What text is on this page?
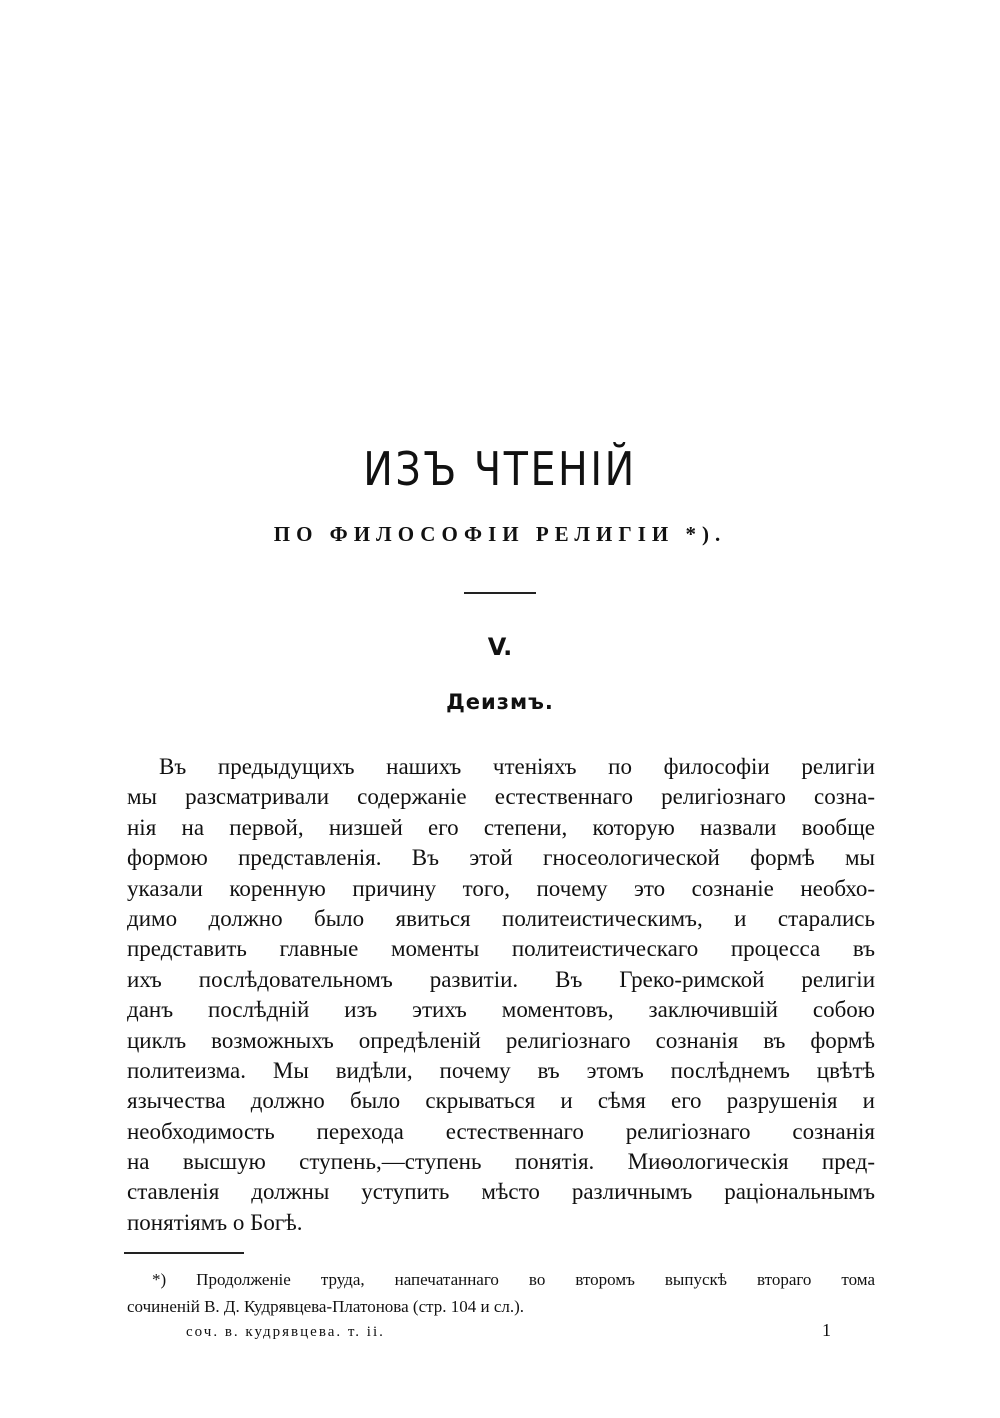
ИЗЪ ЧТЕНІЙ
ПО ФИЛОСОФІИ РЕЛИГІИ *).
V.
Деизмъ.
Въ предыдущихъ нашихъ чтеніяхъ по философіи религіи
мы разсматривали содержаніе естественнаго религіознаго созна-
нія на первой, низшей его степени, которую назвали вообще
формою представленія. Въ этой гносеологической формѣ мы
указали коренную причину того, почему это сознаніе необхо-
димо должно было явиться политеистическимъ, и старались
представить главные моменты политеистическаго процесса въ
ихъ послѣдовательномъ развитіи. Въ Греко-римской религіи
данъ послѣдній изъ этихъ моментовъ, заключившій собою
циклъ возможныхъ опредѣленій религіознаго сознанія въ формѣ
политеизма. Мы видѣли, почему въ этомъ послѣднемъ цвѣтѣ
язычества должно было скрываться и сѣмя его разрушенія и
необходимость перехода естественнаго религіознаго сознанія
на высшую ступень,—ступень понятія. Миѳологическія пред-
ставленія должны уступить мѣсто различнымъ раціональнымъ
понятіямъ о Богѣ.
*) Продолженіе труда, напечатаннаго во второмъ выпускѣ втораго тома
сочиненій В. Д. Кудрявцева-Платонова (стр. 104 и сл.).
соч. в. кудрявцева. т. ii.	1
